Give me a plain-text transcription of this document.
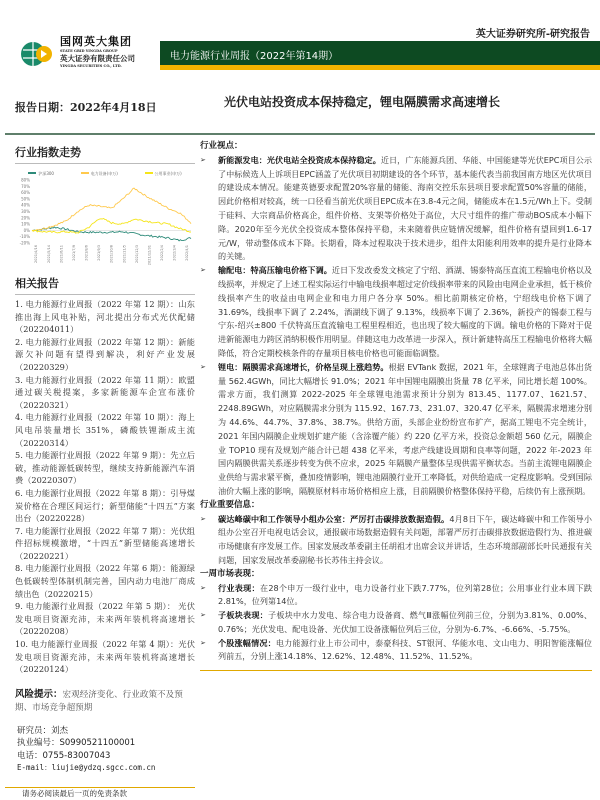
国网英大集团
STATE GRID YINGDA GROUP
英大证券有限责任公司
YINGDA SECURITIES CO., LTD.
英大证券研究所-研究报告
电力能源行业周报（2022年第14期）
报告日期：2022年4月18日	光伏电站投资成本保持稳定，锂电隔膜需求高速增长
行业指数走势
沪深300	电力设备(申万)	公用事业(申万)
80%
70%
60%
50%
40%
30%
20%
10%
0%
-10%
-20%
2021/4/16 2021/5/14 2021/6/11 2021/7/9 2021/8/6 2021/9/3 2021/10/8 2021/11/5 2021/12/3 2021/12/31 2022/2/4 2022/3/4 2022/4/1
相关报告
1. 电力能源行业周报（2022 年第 12 期）：山东推出海上风电补贴，河北提出分布式光伏配储（202204011）
2. 电力能源行业周报（2022 年第 12 期）：新能源欠补问题有望得到解决，利好产业发展（20220329）
3. 电力能源行业周报（2022 年第 11 期）：欧盟通过碳关税提案，多家新能源车企宣布涨价（20220321）
4. 电力能源行业周报（2022 年第 10 期）：海上风电吊装量增长 351%，磷酸铁锂渐成主流（20220314）
5. 电力能源行业周报（2022 年第 9 期）：先立后破，推动能源低碳转型，继续支持新能源汽车消费（20220307）
6. 电力能源行业周报（2022 年第 8 期）：引导煤炭价格在合理区间运行；新型储能“十四五”方案出台（20220228）
7. 电力能源行业周报（2022 年第 7 期）：光伏组件招标规模激增，“十四五”新型储能高速增长（20220221）
8. 电力能源行业周报（2022 年第 6 期）：能源绿色低碳转型体制机制完善，国内动力电池厂商成绩出色（20220215）
9. 电力能源行业周报（2022 年第 5 期）： 光伏发电项目资源充沛，未来两年装机将高速增长（20220208）
10. 电力能源行业周报（2022 年第 4 期）：光伏发电项目资源充沛，未来两年装机将高速增长（20220124）
风险提示：宏观经济变化、行业政策不及预期、市场竞争超预期
研究员：刘杰
执业编号：S0990521100001
电话：0755-83007043
E-mail：liujie@ydzq.sgcc.com.cn
请务必阅读最后一页的免责条款
行业视点：
➢	新能源发电：光伏电站全投资成本保持稳定。近日，广东能源兵团、华能、中国能建等光伏EPC项目公示了中标候选人上诉项目EPC涵盖了光伏项目初期建设的各个环节，基本能代表当前我国南方地区光伏项目的建设成本情况。能建英德要求配置20%容量的储能、海南交控乐东县项目要求配置50%容量的储能，因此价格相对较高，统一口径看当前光伏项目EPC成本在3.8-4元之间，储能成本在1.5元/Wh上下。受制于硅料、大宗商品价格高企，组件价格、支架等价格处于高位，大尺寸组件的推广带动BOS成本小幅下降。2020年至今光伏全投资成本整体保持平稳，未来随着供应链情况缓解，组件价格有望回到1.6-17元/W，带动整体成本下降。长期看，降本过程取决于技术进步，组件太阳能利用效率的提升是行业降本的关键。
➢	输配电：特高压输电价格下调。近日下发改委发文核定了宁绍、酒湖、锡泰特高压直流工程输电价格以及线损率，并规定了上述工程实际运行中输电线损率超过定价线损率带来的风险由电网企业承担，低于核价线损率产生的收益由电网企业和电力用户各分享 50%。相比前期核定价格，宁绍线电价格下调了 31.69%，线损率下调了 2.24%，酒湖线下调了 9.13%，线损率下调了 2.36%，新投产的锡泰工程与宁东-绍兴±800 千伏特高压直流输电工程里程相近，也出现了较大幅度的下调。输电价格的下降对于促进新能源电力跨区消纳积极作用明显。伴随这电力改革进一步深入，预计新建特高压工程输电价格将大幅降低，符合定期校核条件的存量项目核电价格也可能面临调整。
➢	锂电：隔膜需求高速增长，价格呈现上涨趋势。根据 EVTank 数据，2021 年，全球锂离子电池总体出货量 562.4GWh，同比大幅增长 91.0%；2021 年中国锂电隔膜出货量 78 亿平米，同比增长超 100%。需求方面，我们测算 2022-2025 年全球锂电池需求预计分别为 813.45、1177.07、1621.57、2248.89GWh，对应隔膜需求分别为 115.92、167.73、231.07、320.47 亿平米，隔膜需求增速分别为 44.6%、44.7%、37.8%、38.7%。供给方面，头部企业纷纷宣布扩产，据高工锂电不完全统计，2021 年国内隔膜企业规划扩建产能（含涂覆产能）约 220 亿平方米，投资总金额超 560 亿元，隔膜企业 TOP10 现有及规划产能合计已超 438 亿平米，考虑产线建设周期和良率等问题，2022 年-2023 年国内隔膜供需关系逐步转变为供不应求，2025 年隔膜产量整体呈现供需平衡状态。当前主流锂电隔膜企业供给与需求紧平衡，叠加疫情影响，锂电池隔膜行业开工率降低，对供给造成一定程度影响。受到国际油价大幅上涨的影响，隔膜原材料市场价格相应上涨，目前隔膜价格整体保持平稳，后续仍有上涨预期。
行业重要信息：
➢	碳达峰碳中和工作领导小组办公室：严厉打击碳排放数据造假。4月8日下午，碳达峰碳中和工作领导小组办公室召开电视电话会议，通报碳市场数据造假有关问题，部署严厉打击碳排放数据造假行为、推进碳市场健康有序发展工作。国家发展改革委副主任胡祖才出席会议并讲话，生态环境部副部长叶民通报有关问题，国家发展改革委副秘书长苏伟主持会议。
一周市场表现：
➢	行业表现：在28个申万一级行业中，电力设备行业下跌7.77%，位列第28位；公用事业行业本周下跌2.81%，位列第14位。
➢	子板块表现：子板块中水力发电、综合电力设备商、燃气Ⅲ涨幅位列前三位，分别为3.81%、0.00%、0.76%；光伏发电、配电设备、光伏加工设备涨幅位列后三位，分别为-6.7%、-6.66%、-5.75%。
➢	个股涨幅情况：电力能源行业上市公司中，泰豪科技、ST银河、华能水电、文山电力、明阳智能涨幅位列前五，分别上涨14.18%、12.62%、12.48%、11.52%、11.52%。
